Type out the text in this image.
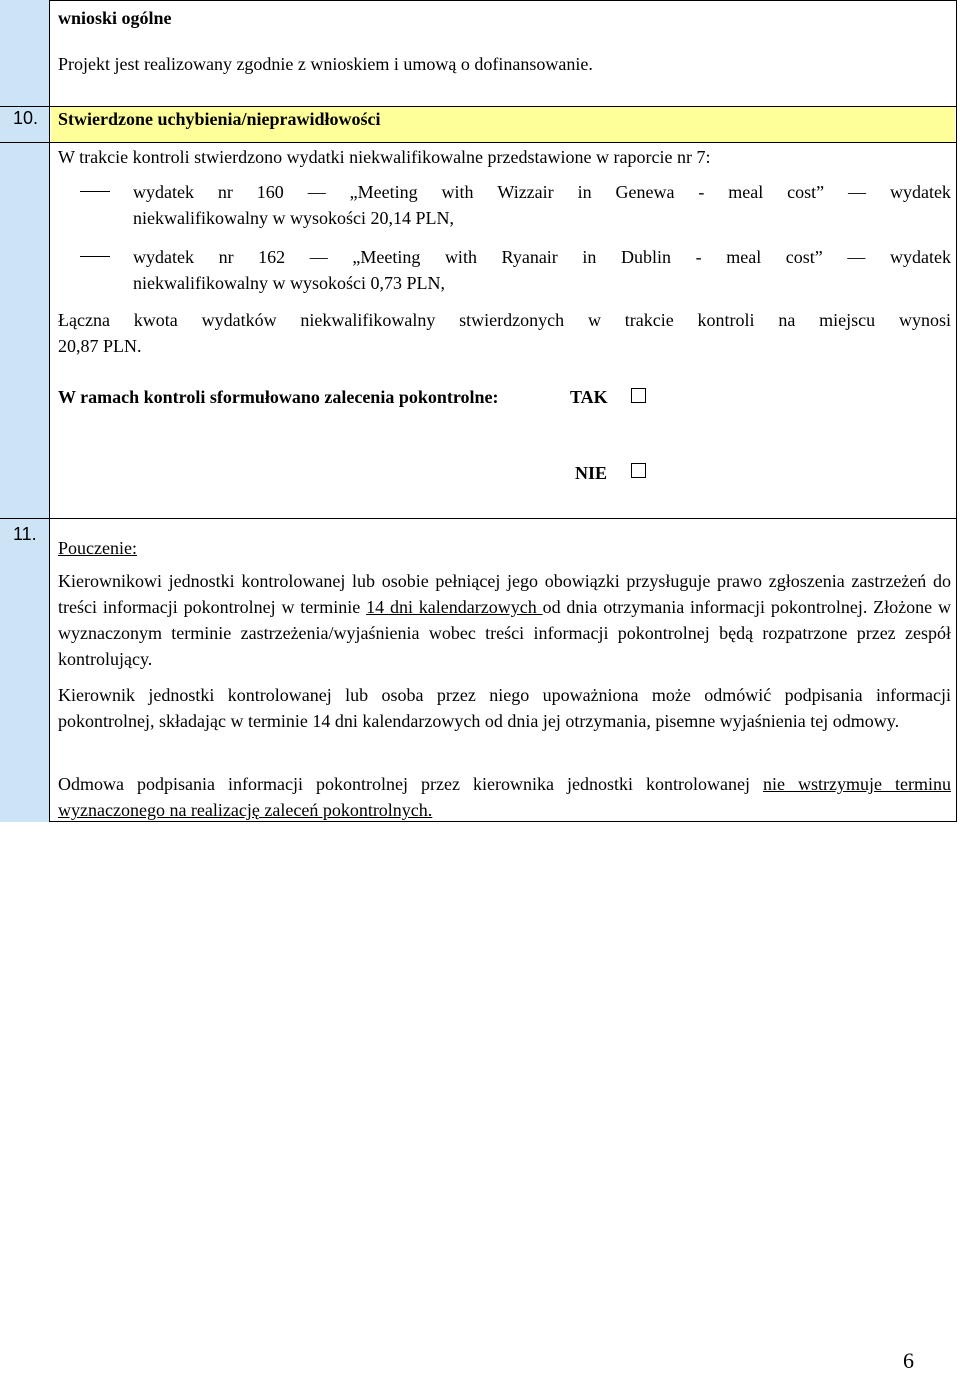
wnioski ogólne
Projekt jest realizowany zgodnie z wnioskiem i umową o dofinansowanie.
10. Stwierdzone uchybienia/nieprawidłowości
W trakcie kontroli stwierdzono wydatki niekwalifikowalne przedstawione w raporcie nr 7:
wydatek nr 160 — „Meeting with Wizzair in Genewa - meal cost” — wydatek
niekwalifikowalny w wysokości 20,14 PLN,
wydatek nr 162 — „Meeting with Ryanair in Dublin - meal cost” — wydatek
niekwalifikowalny w wysokości 0,73 PLN,
Łączna kwota wydatków niekwalifikowalny stwierdzonych w trakcie kontroli na miejscu wynosi
20,87 PLN.
W ramach kontroli sformułowano zalecenia pokontrolne:	TAK
NIE
11.
Pouczenie:
Kierownikowi jednostki kontrolowanej lub osobie pełniącej jego obowiązki przysługuje prawo zgłoszenia zastrzeżeń do treści informacji pokontrolnej w terminie 14 dni kalendarzowych od dnia otrzymania informacji pokontrolnej. Złożone w wyznaczonym terminie zastrzeżenia/wyjaśnienia wobec treści informacji pokontrolnej będą rozpatrzone przez zespół kontrolujący.
Kierownik jednostki kontrolowanej lub osoba przez niego upoważniona może odmówić podpisania informacji pokontrolnej, składając w terminie 14 dni kalendarzowych od dnia jej otrzymania, pisemne wyjaśnienia tej odmowy.
Odmowa podpisania informacji pokontrolnej przez kierownika jednostki kontrolowanej nie wstrzymuje terminu wyznaczonego na realizację zaleceń pokontrolnych.
6
